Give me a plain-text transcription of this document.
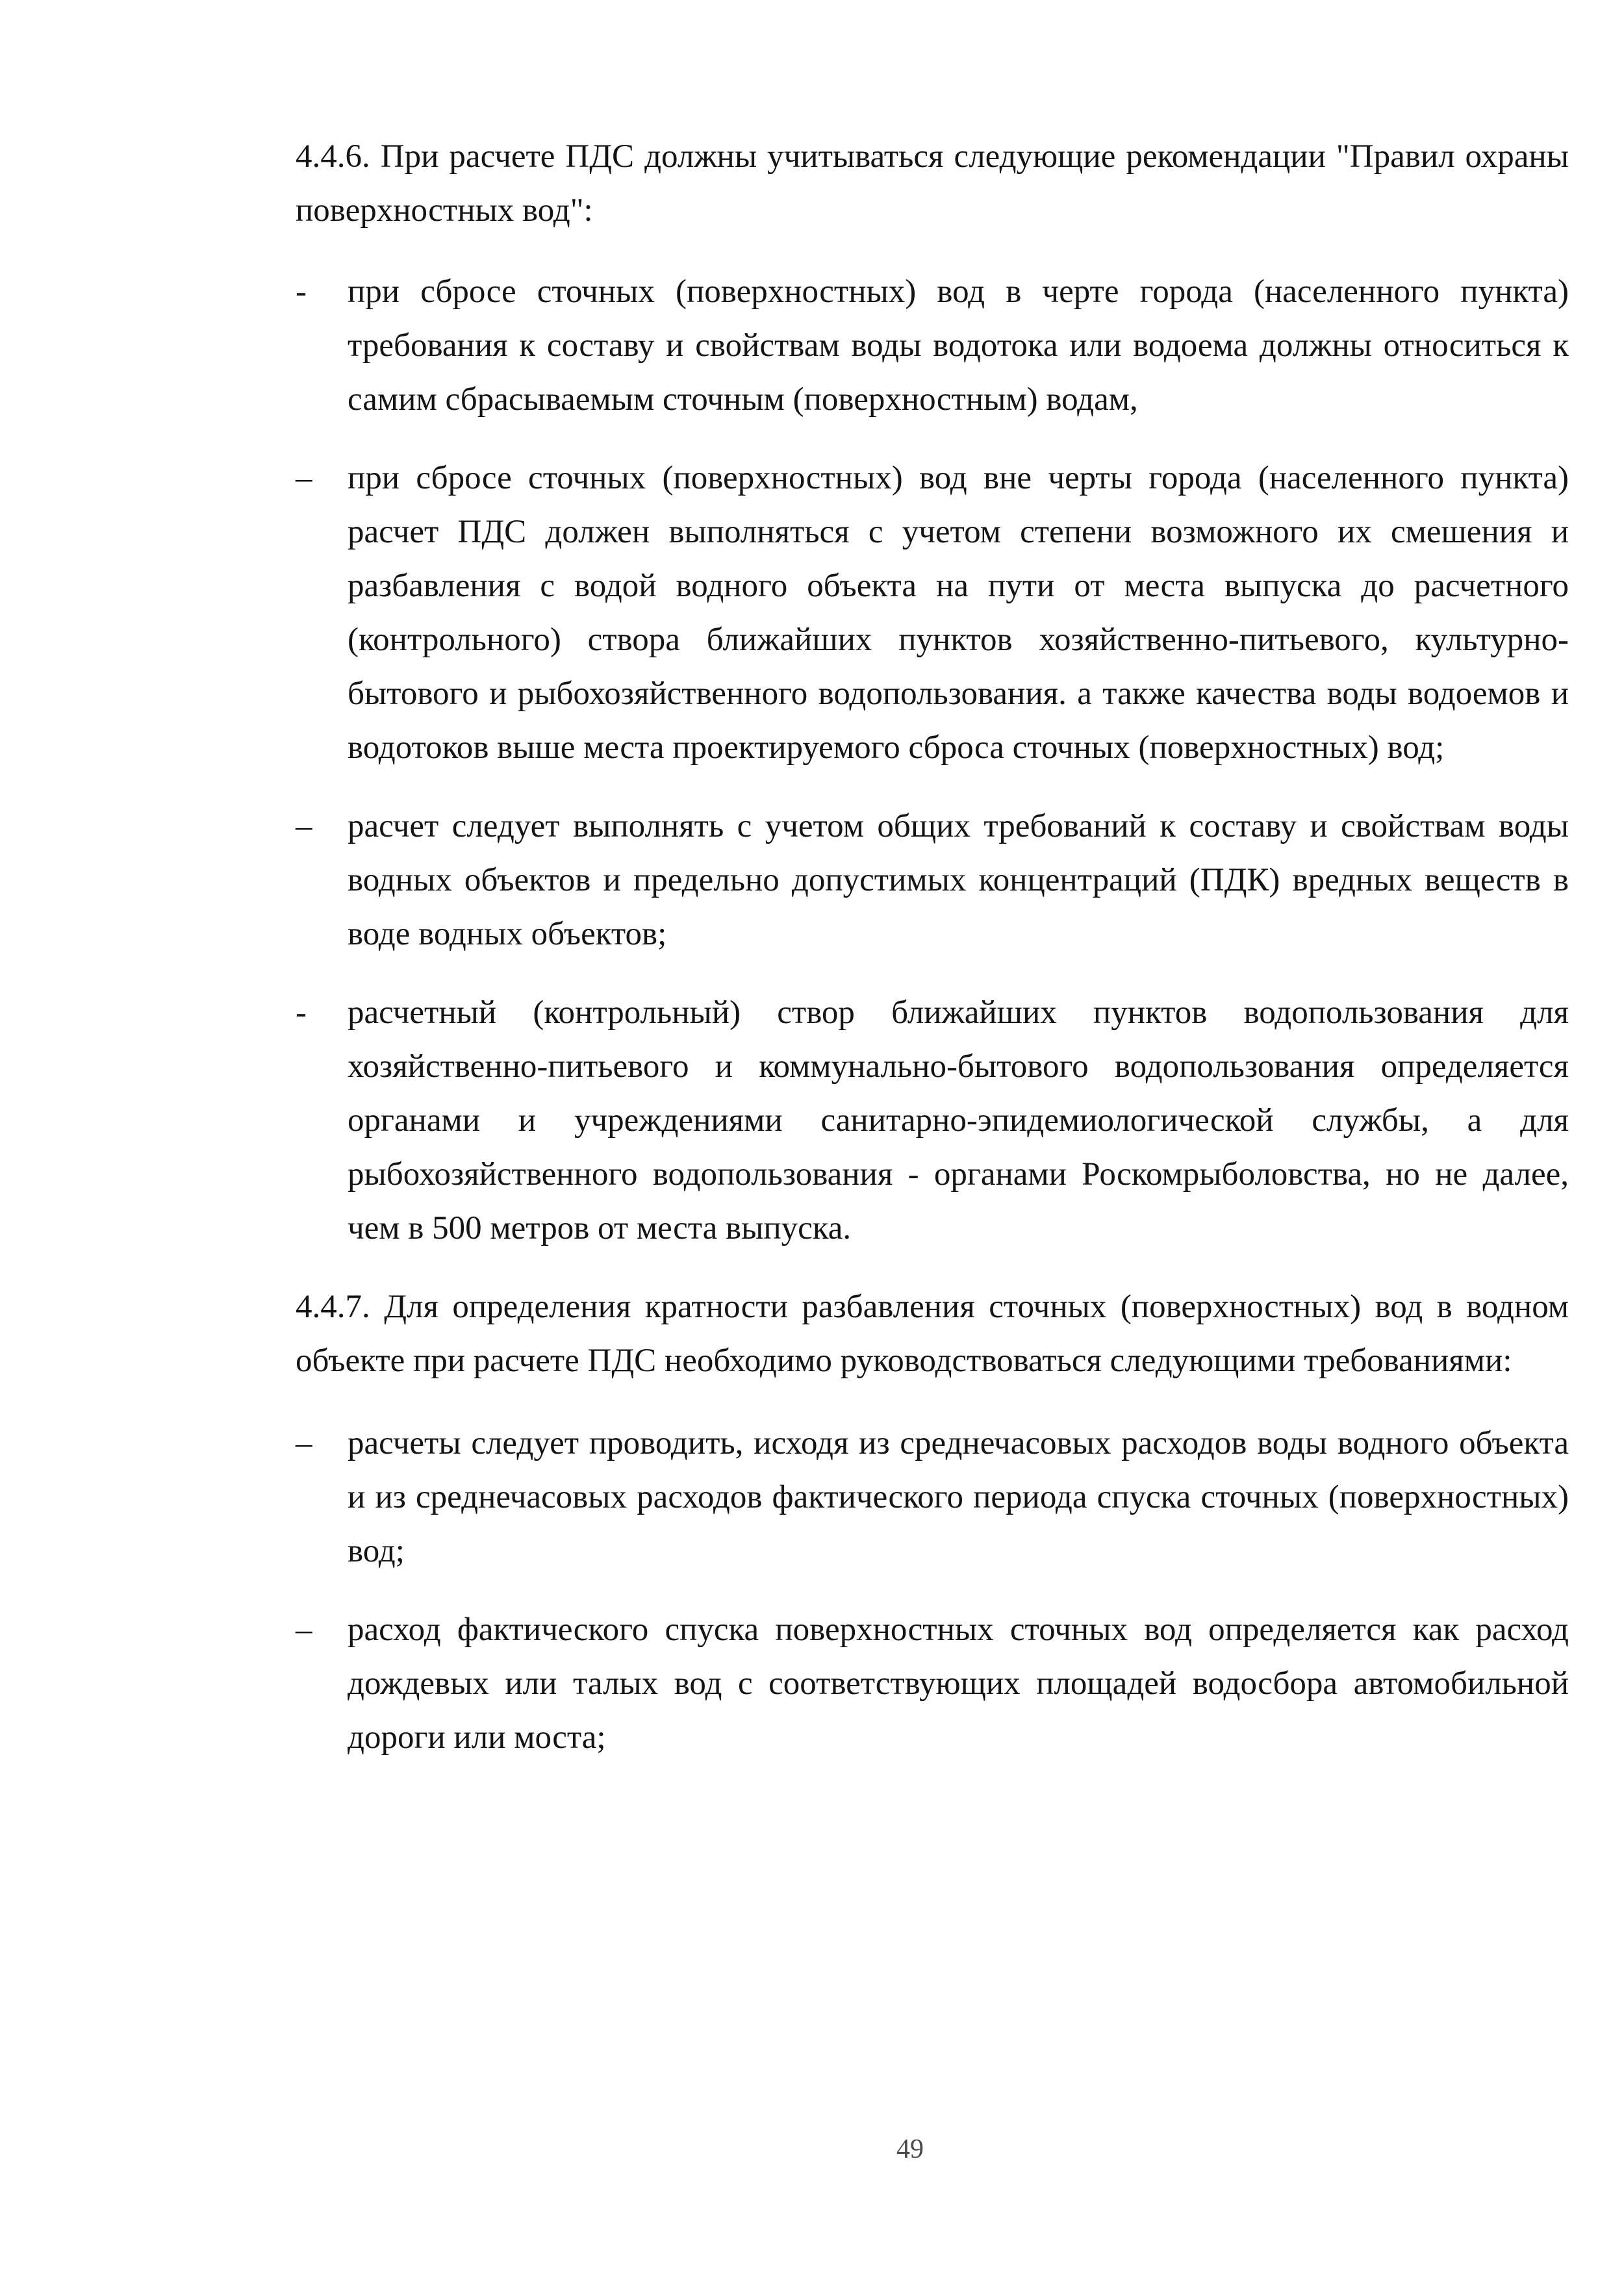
4.4.6. При расчете ПДС должны учитываться следующие рекомендации "Правил охраны поверхностных вод":

-	при сбросе сточных (поверхностных) вод в черте города (населенного пункта) требования к составу и свойствам воды водотока или водоема должны относиться к самим сбрасываемым сточным (поверхностным) водам,
–	при сбросе сточных (поверхностных) вод вне черты города (населенного пункта) расчет ПДС должен выполняться с учетом степени возможного их смешения и разбавления с водой водного объекта на пути от места выпуска до расчетного (контрольного) створа ближайших пунктов хозяйственно-питьевого, культурно-бытового и рыбохозяйственного водопользования. а также качества воды водоемов и водотоков выше места проектируемого сброса сточных (поверхностных) вод;
–	расчет следует выполнять с учетом общих требований к составу и свойствам воды водных объектов и предельно допустимых концентраций (ПДК) вредных веществ в воде водных объектов;
-	расчетный (контрольный) створ ближайших пунктов водопользования для хозяйственно-питьевого и коммунально-бытового водопользования определяется органами и учреждениями санитарно-эпидемиологической службы, а для рыбохозяйственного водопользования - органами Роскомрыболовства, но не далее, чем в 500 метров от места выпуска.

4.4.7. Для определения кратности разбавления сточных (поверхностных) вод в водном объекте при расчете ПДС необходимо руководствоваться следующими требованиями:

–	расчеты следует проводить, исходя из среднечасовых расходов воды водного объекта и из среднечасовых расходов фактического периода спуска сточных (поверхностных) вод;
–	расход фактического спуска поверхностных сточных вод определяется как расход дождевых или талых вод с соответствующих площадей водосбора автомобильной дороги или моста;
49
